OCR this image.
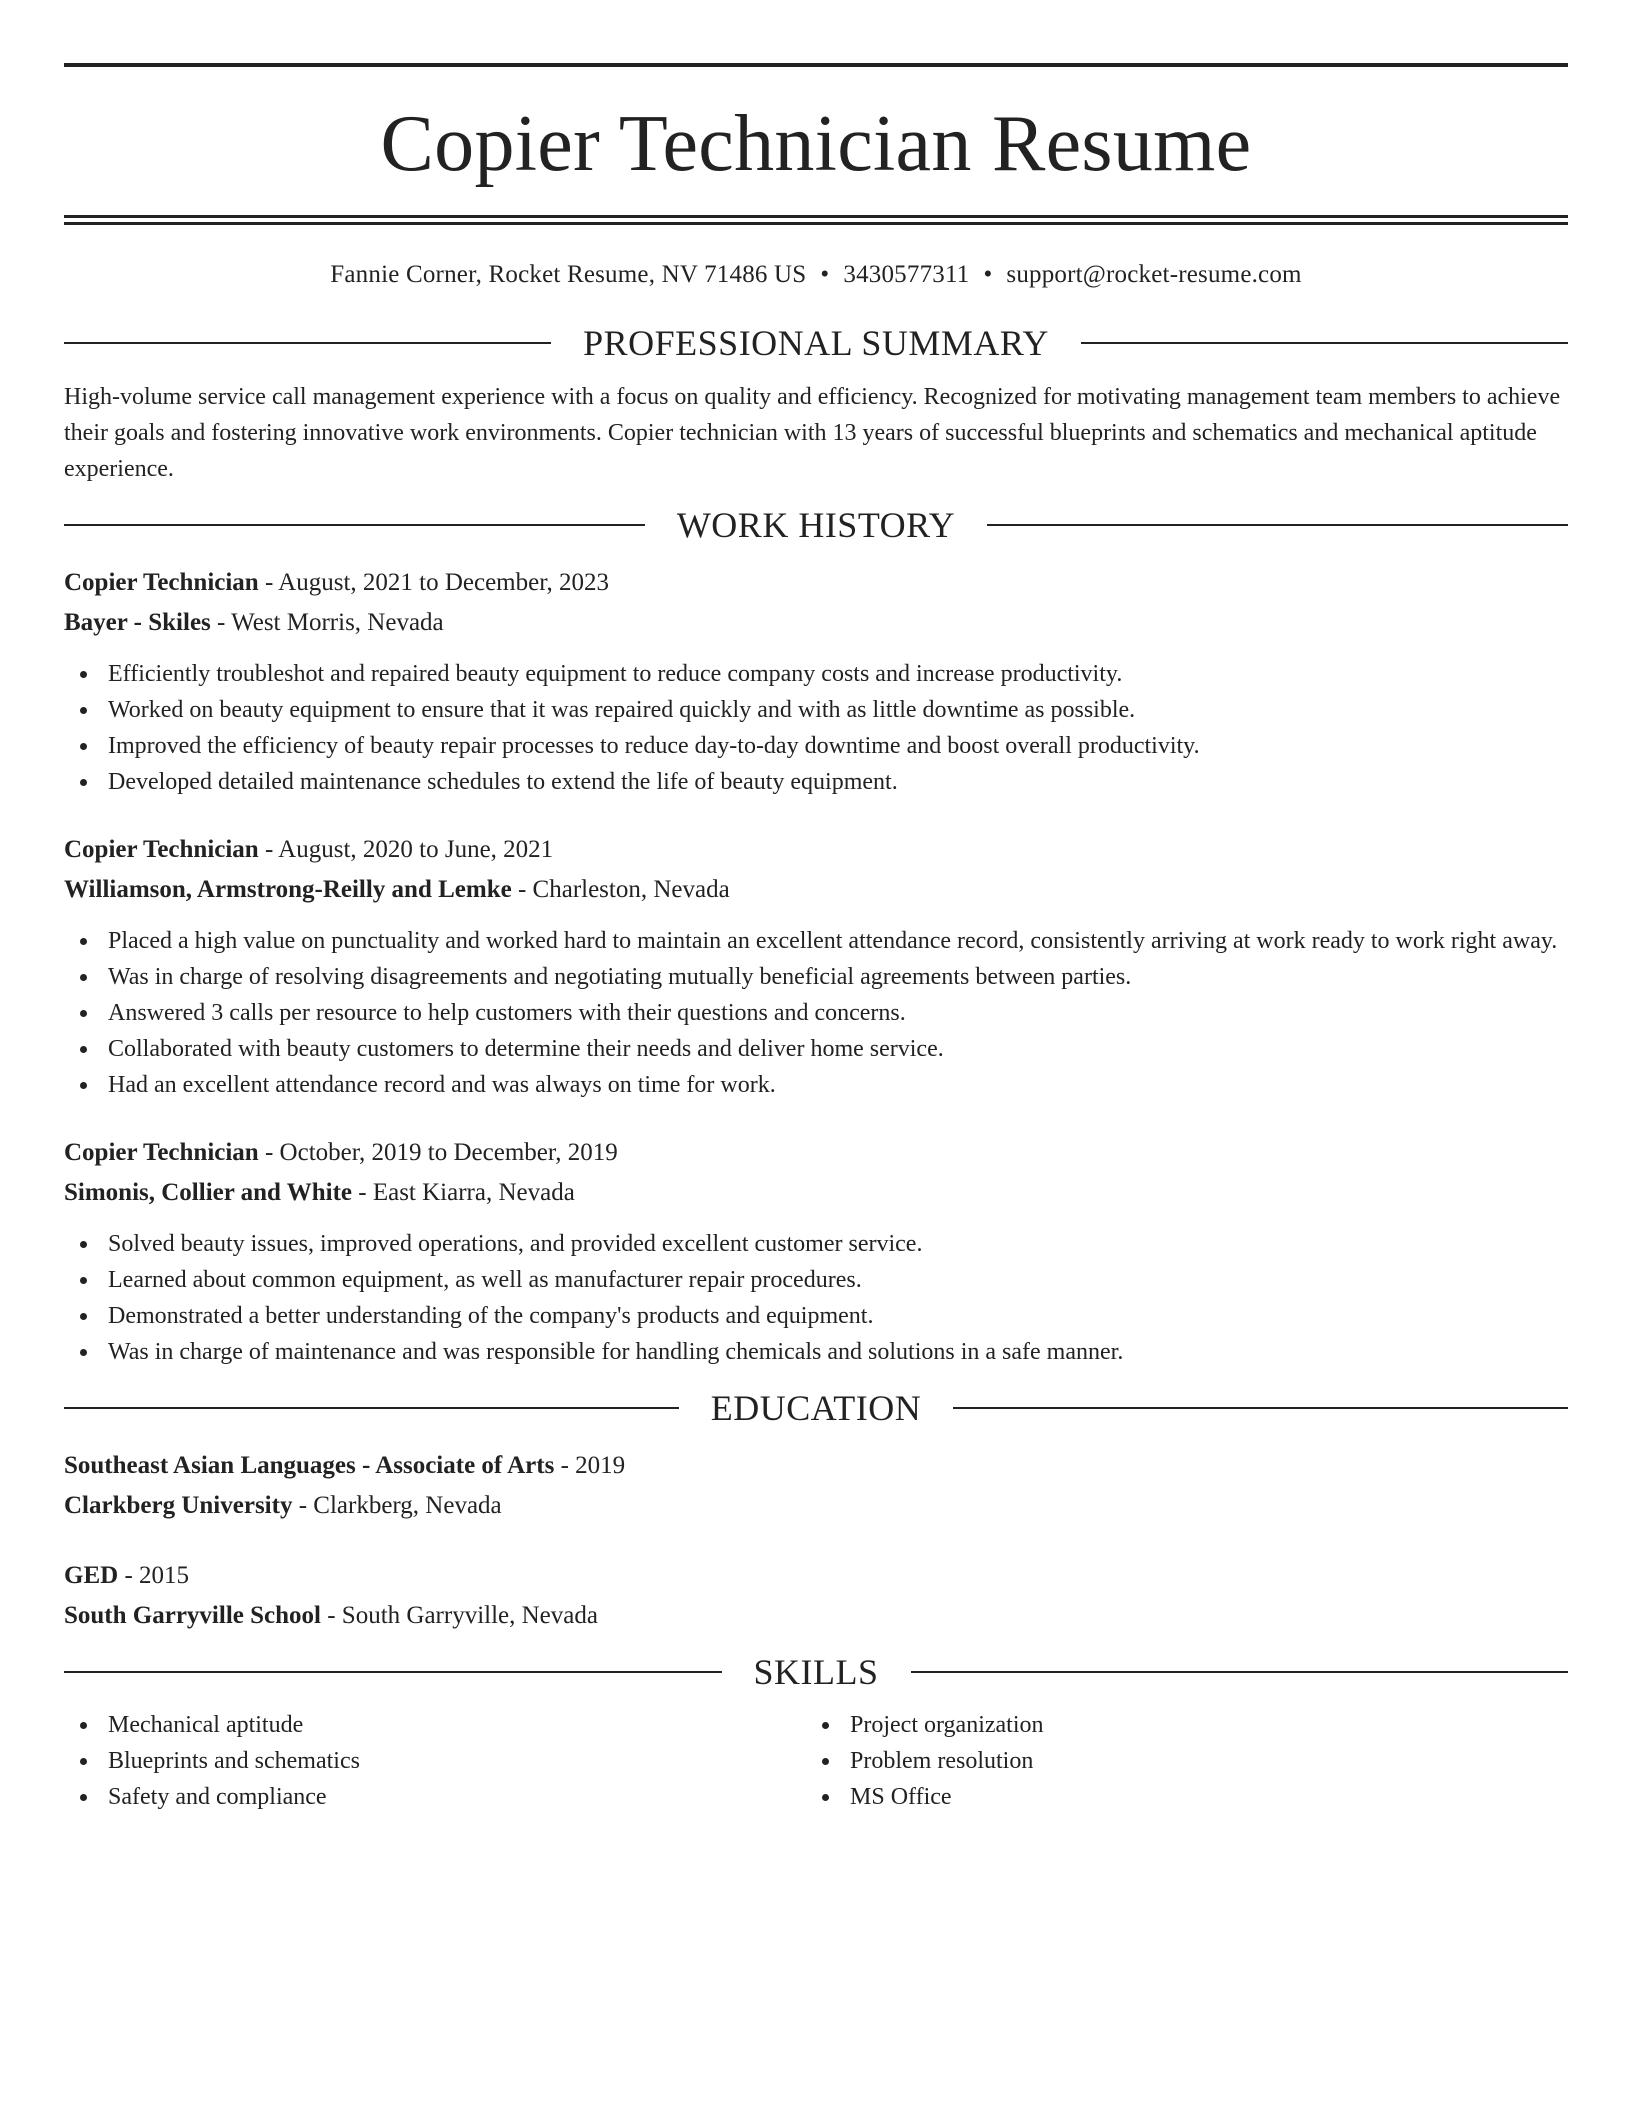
Copier Technician Resume
Fannie Corner, Rocket Resume, NV 71486 US • 3430577311 • support@rocket-resume.com
PROFESSIONAL SUMMARY

High-volume service call management experience with a focus on quality and efficiency. Recognized for motivating management team members to achieve their goals and fostering innovative work environments. Copier technician with 13 years of successful blueprints and schematics and mechanical aptitude experience.

WORK HISTORY
Copier Technician - August, 2021 to December, 2023
Bayer - Skiles - West Morris, Nevada
Efficiently troubleshot and repaired beauty equipment to reduce company costs and increase productivity.
Worked on beauty equipment to ensure that it was repaired quickly and with as little downtime as possible.
Improved the efficiency of beauty repair processes to reduce day-to-day downtime and boost overall productivity.
Developed detailed maintenance schedules to extend the life of beauty equipment.
Copier Technician - August, 2020 to June, 2021
Williamson, Armstrong-Reilly and Lemke - Charleston, Nevada
Placed a high value on punctuality and worked hard to maintain an excellent attendance record, consistently arriving at work ready to work right away.
Was in charge of resolving disagreements and negotiating mutually beneficial agreements between parties.
Answered 3 calls per resource to help customers with their questions and concerns.
Collaborated with beauty customers to determine their needs and deliver home service.
Had an excellent attendance record and was always on time for work.
Copier Technician - October, 2019 to December, 2019
Simonis, Collier and White - East Kiarra, Nevada
Solved beauty issues, improved operations, and provided excellent customer service.
Learned about common equipment, as well as manufacturer repair procedures.
Demonstrated a better understanding of the company's products and equipment.
Was in charge of maintenance and was responsible for handling chemicals and solutions in a safe manner.
EDUCATION
Southeast Asian Languages - Associate of Arts - 2019
Clarkberg University - Clarkberg, Nevada
GED - 2015
South Garryville School - South Garryville, Nevada
SKILLS
Mechanical aptitude
Blueprints and schematics
Safety and compliance
Project organization
Problem resolution
MS Office
